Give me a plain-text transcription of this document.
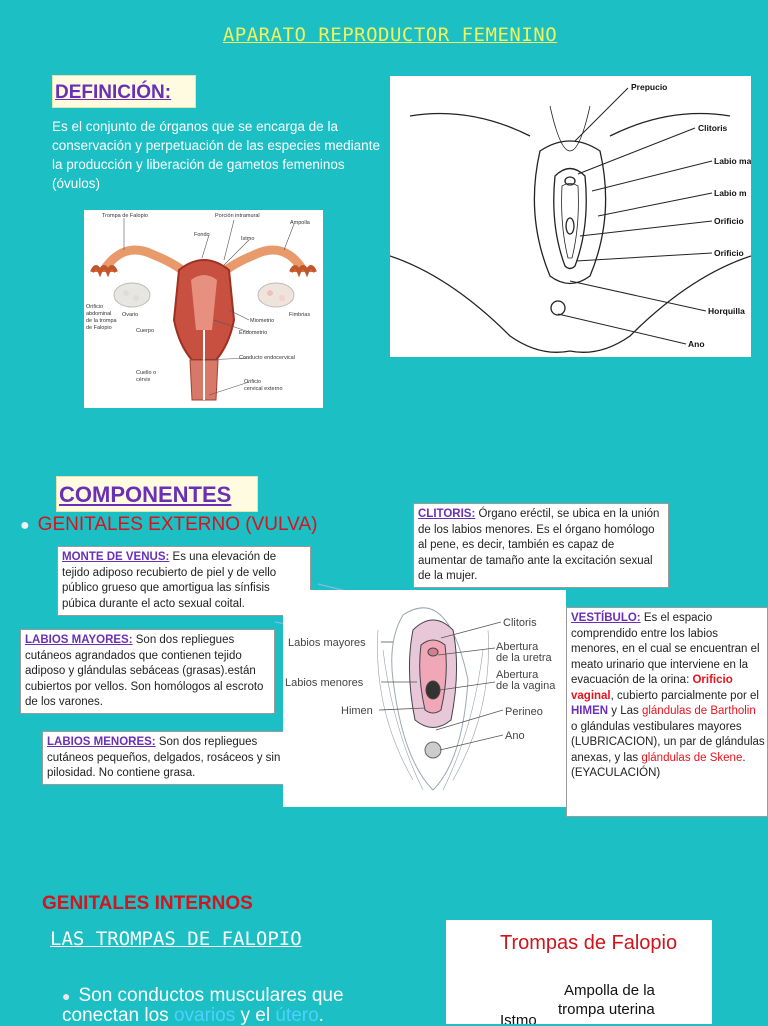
APARATO REPRODUCTOR FEMENINO
DEFINICIÓN:
Es el conjunto de órganos que se encarga de la conservación y perpetuación de las especies mediante la producción y liberación de gametos femeninos (óvulos)
Trompa de Falopio	Porción intramural
Ampolla
Fondo
Istmo
Orificio
abdominal
de la trompa
de Falopio
Ovario	Fimbrias
Cuerpo
Miometrio
Endometrio
Conducto endocervical
Cuello o
cérvix	Orificio
cervical externo
Prepucio
Clitoris
Labio ma
Labio m
Orificio
Orificio
Horquilla
Ano
COMPONENTES
● GENITALES EXTERNO (VULVA)
MONTE DE VENUS: Es una elevación de tejido adiposo recubierto de piel y de vello público grueso que amortigua las sínfisis púbica durante el acto sexual coital.
LABIOS MAYORES: Son dos repliegues cutáneos agrandados que contienen tejido adiposo y glándulas sebáceas (grasas).están cubiertos por vellos. Son homólogos al escroto de los varones.
LABIOS MENORES: Son dos repliegues cutáneos pequeños, delgados, rosáceos y sin pilosidad. No contiene grasa.
CLITORIS: Órgano eréctil, se ubica en la unión de los labios menores. Es el órgano homólogo al pene, es decir, también es capaz de aumentar de tamaño ante la excitación sexual de la mujer.
VESTÍBULO: Es el espacio comprendido entre los labios menores, en el cual se encuentran el meato urinario que interviene en la evacuación de la orina: Orificio vaginal, cubierto parcialmente por el HIMEN y Las glándulas de Bartholin o glándulas vestibulares mayores (LUBRICACION), un par de glándulas anexas, y las glándulas de Skene. (EYACULACIÓN)
Clitoris
Labios mayores	Abertura
de la uretra
Labios menores
Abertura
de la vagina
Himen	Perineo
Ano
GENITALES INTERNOS
LAS TROMPAS DE FALOPIO
● Son conductos musculares que conectan los ovarios y el útero.
Trompas de Falopio
Ampolla de la
trompa uterina
Istmo
